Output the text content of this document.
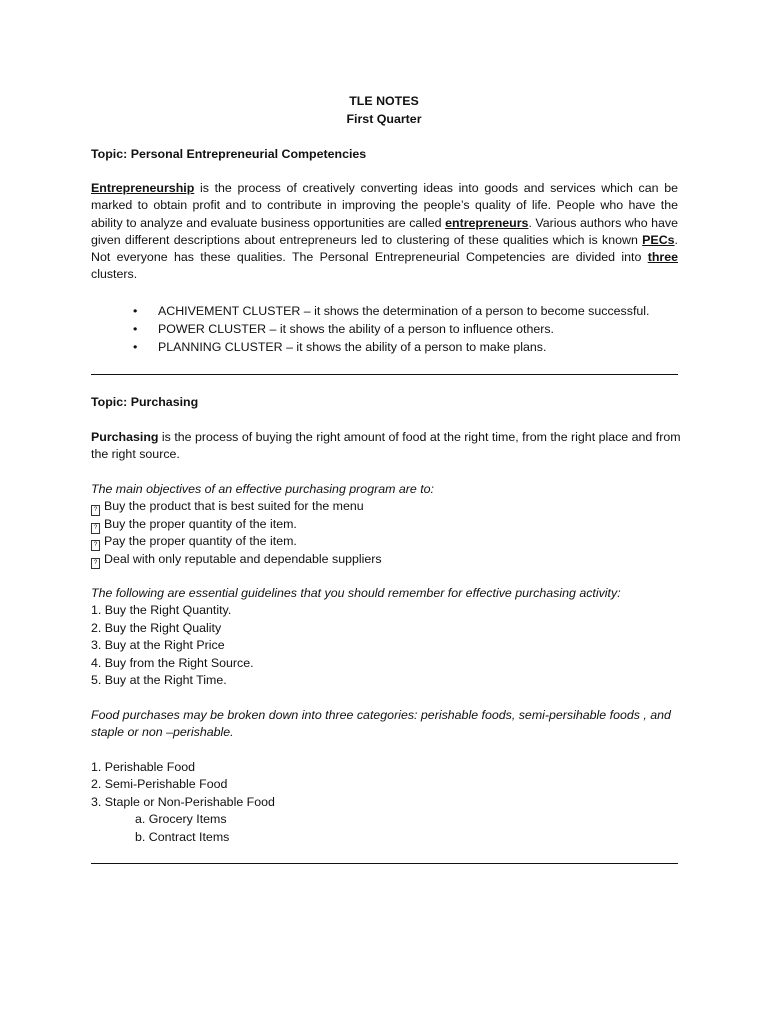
TLE NOTES
First Quarter
Topic: Personal Entrepreneurial Competencies
Entrepreneurship is the process of creatively converting ideas into goods and services which can be marked to obtain profit and to contribute in improving the people’s quality of life. People who have the ability to analyze and evaluate business opportunities are called entrepreneurs. Various authors who have given different descriptions about entrepreneurs led to clustering of these qualities which is known PECs. Not everyone has these qualities. The Personal Entrepreneurial Competencies are divided into three clusters.
• ACHIVEMENT CLUSTER – it shows the determination of a person to become successful.
• POWER CLUSTER – it shows the ability of a person to influence others.
• PLANNING CLUSTER – it shows the ability of a person to make plans.
Topic: Purchasing
Purchasing is the process of buying the right amount of food at the right time, from the right place and from the right source.
The main objectives of an effective purchasing program are to:
? Buy the product that is best suited for the menu
? Buy the proper quantity of the item.
? Pay the proper quantity of the item.
? Deal with only reputable and dependable suppliers
The following are essential guidelines that you should remember for effective purchasing activity:
1. Buy the Right Quantity.
2. Buy the Right Quality
3. Buy at the Right Price
4. Buy from the Right Source.
5. Buy at the Right Time.
Food purchases may be broken down into three categories: perishable foods, semi-persihable foods , and staple or non –perishable.
1. Perishable Food
2. Semi-Perishable Food
3. Staple or Non-Perishable Food
a. Grocery Items
b. Contract Items
